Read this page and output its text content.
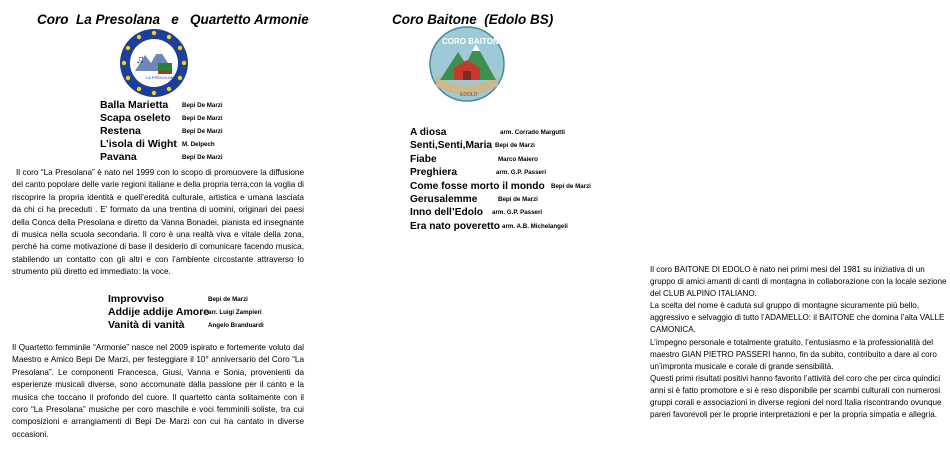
Coro  La Presolana   e   Quartetto Armonie
♫
LA PRESOLANA
Balla Marietta Bepi De Marzi
Scapa oseleto Bepi De Marzi
Restena	Bepi De Marzi
L’isola di Wight M. Delpech
Pavana	Bepi De Marzi

Il coro “La Presolana” è nato nel 1999 con lo scopo di promuovere la diffusione del canto popolare delle varie regioni italiane e della propria terra,con la voglia di riscoprire la propria identità e quell’eredità culturale, artistica e umana lasciata da chi ci ha preceduti . E’ formato da una trentina di uomini, originari dei paesi della Conca della Presolana e diretto da Vanna Bonadei, pianista ed insegnante di musica nella scuola secondaria. Il coro è una realtà viva e vitale della zona, perché ha come motivazione di base il desiderio di comunicare facendo musica, stabilendo un contatto con gli altri e con l’ambiente circostante attraverso lo strumento più diretto ed immediato: la voce.

Improvviso	Bepi de Marzi
Addije addije Amore
arr. Luigi Zampieri
Vanità di vanità	Angelo Branduardi

Il Quartetto femminile “Armonie” nasce nel 2009 ispirato e fortemente voluto dal Maestro e Amico Bepi De Marzi, per festeggiare il 10° anniversario del Coro “La Presolana”. Le componenti Francesca, Giusi, Vanna e Sonia, provenienti da esperienze musicali diverse, sono accomunate dalla passione per il canto e la musica che toccano il profondo del cuore. Il quartetto canta solitamente con il coro “La Presolana” musiche per coro maschile e voci femminili soliste, tra cui composizioni e arrangiamenti di Bepi De Marzi con cui ha cantato in diverse occasioni.

Coro Baitone  (Edolo BS)
CORO BAITONE
EDOLO

Il coro BAITONE DI EDOLO è nato nei primi mesi del 1981 su iniziativa di un gruppo di amici amanti di canti di montagna in collaborazione con la locale sezione del CLUB ALPINO ITALIANO.
La scelta del nome è caduta sul gruppo di montagne sicuramente più bello, aggressivo e selvaggio di tutto l’ADAMELLO: il BAITONE che domina l’alta VALLE CAMONICA.
L’impegno personale e totalmente gratuito, l’entusiasmo e la professionalità del maestro GIAN PIETRO PASSERI hanno, fin da subito, contribuito a dare al coro un’impronta musicale e corale di grande sensibilità.
Questi primi risultati positivi hanno favorito l’attività del coro che per circa quindici anni si è fatto promotore e si è reso disponibile per scambi culturali con numerosi gruppi corali e associazioni in diverse regioni del nord Italia riscontrando ovunque pareri favorevoli per le proprie interpretazioni e per la propria simpatia e allegria.

A diosa	arm. Corrado Margutti
Senti,Senti,Maria Bepi de Marzi
Fiabe	Marco Maiero
Preghiera	arm. G.P. Passeri
Come fosse morto il mondo Bepi de Marzi
Gerusalemme	Bepi de Marzi
Inno dell’Edolo arm. G.P. Passeri
Era nato poveretto arm. A.B. Michelangeli
